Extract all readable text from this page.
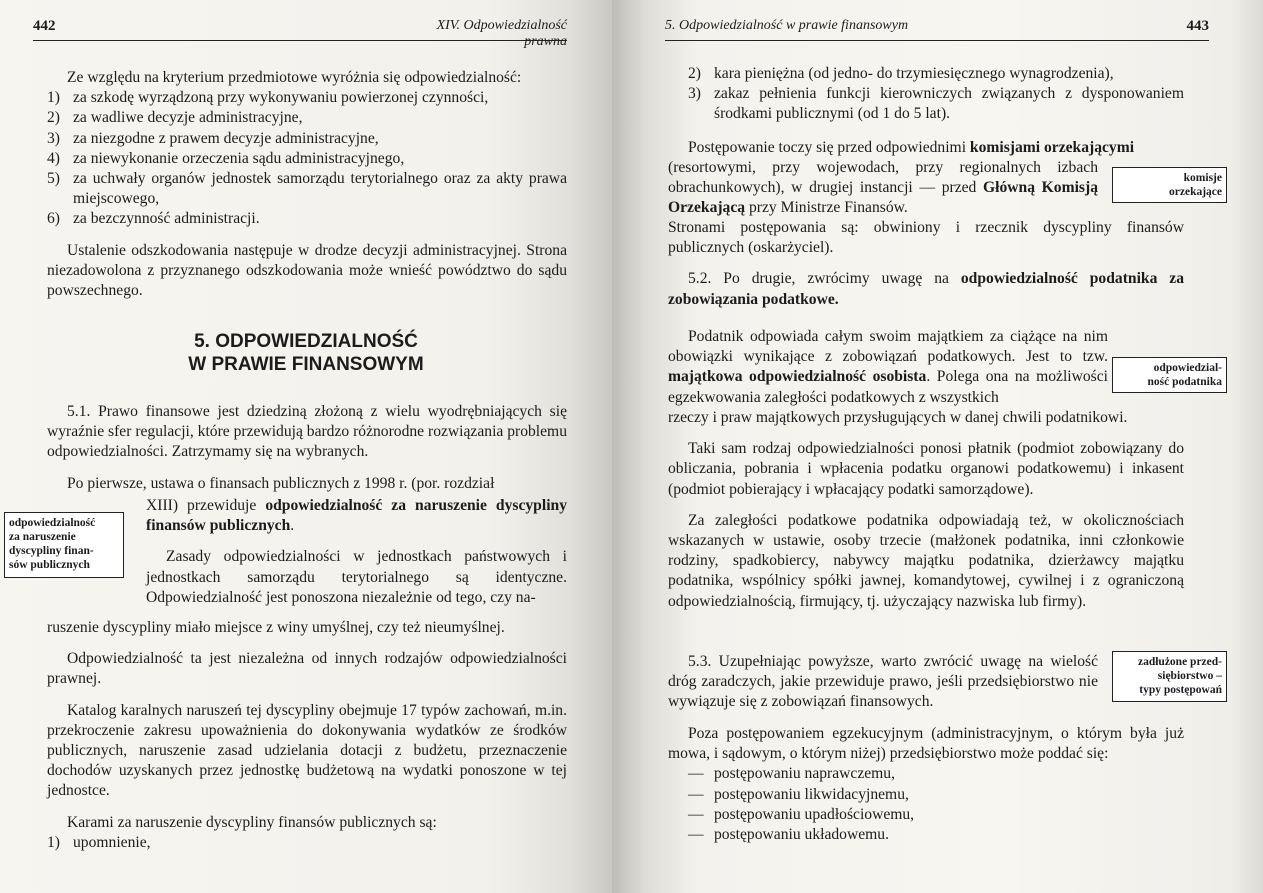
442	XIV. Odpowiedzialność prawna

Ze względu na kryterium przedmiotowe wyróżnia się odpowiedzialność:

1) za szkodę wyrządzoną przy wykonywaniu powierzonej czynności,
2) za wadliwe decyzje administracyjne,
3) za niezgodne z prawem decyzje administracyjne,
4) za niewykonanie orzeczenia sądu administracyjnego,
5) za uchwały organów jednostek samorządu terytorialnego oraz za akty prawa miejscowego,
6) za bezczynność administracji.

Ustalenie odszkodowania następuje w drodze decyzji administracyjnej. Strona niezadowolona z przyznanego odszkodowania może wnieść powództwo do sądu powszechnego.

5. ODPOWIEDZIALNOŚĆ
W PRAWIE FINANSOWYM

5.1. Prawo finansowe jest dziedziną złożoną z wielu wyodrębniających się wyraźnie sfer regulacji, które przewidują bardzo różnorodne rozwiązania problemu odpowiedzialności. Zatrzymamy się na wybranych.

Po pierwsze, ustawa o finansach publicznych z 1998 r. (por. rozdział

XIII) przewiduje odpowiedzialność za naruszenie dyscypliny finansów publicznych.

Zasady odpowiedzialności w jednostkach państwowych i jednostkach samorządu terytorialnego są identyczne. Odpowiedzialność jest ponoszona niezależnie od tego, czy na-

odpowiedzialność
za naruszenie
dyscypliny finan-
sów publicznych

ruszenie dyscypliny miało miejsce z winy umyślnej, czy też nieumyślnej.

Odpowiedzialność ta jest niezależna od innych rodzajów odpowiedzialności prawnej.

Katalog karalnych naruszeń tej dyscypliny obejmuje 17 typów zachowań, m.in. przekroczenie zakresu upoważnienia do dokonywania wydatków ze środków publicznych, naruszenie zasad udzielania dotacji z budżetu, przeznaczenie dochodów uzyskanych przez jednostkę budżetową na wydatki ponoszone w tej jednostce.

Karami za naruszenie dyscypliny finansów publicznych są:

1) upomnienie,
5. Odpowiedzialność w prawie finansowym	443
2) kara pieniężna (od jedno- do trzymiesięcznego wynagrodzenia),
3) zakaz pełnienia funkcji kierowniczych związanych z dysponowaniem środkami publicznymi (od 1 do 5 lat).

Postępowanie toczy się przed odpowiednimi komisjami orzekającymi

(resortowymi, przy wojewodach, przy regionalnych izbach obrachunkowych), w drugiej instancji — przed Główną Komisją Orzekającą przy Ministrze Finansów.

komisje
orzekające

Stronami postępowania są: obwiniony i rzecznik dyscypliny finansów publicznych (oskarżyciel).

5.2. Po drugie, zwrócimy uwagę na odpowiedzialność podatnika za zobowiązania podatkowe.

Podatnik odpowiada całym swoim majątkiem za ciążące na nim obowiązki wynikające z zobowiązań podatkowych. Jest to tzw. majątkowa odpowiedzialność osobista. Polega ona na możliwości egzekwowania zaległości podatkowych z wszystkich

odpowiedzial-
ność podatnika

rzeczy i praw majątkowych przysługujących w danej chwili podatnikowi.

Taki sam rodzaj odpowiedzialności ponosi płatnik (podmiot zobowiązany do obliczania, pobrania i wpłacenia podatku organowi podatkowemu) i inkasent (podmiot pobierający i wpłacający podatki samorządowe).

Za zaległości podatkowe podatnika odpowiadają też, w okolicznościach wskazanych w ustawie, osoby trzecie (małżonek podatnika, inni członkowie rodziny, spadkobiercy, nabywcy majątku podatnika, dzierżawcy majątku podatnika, wspólnicy spółki jawnej, komandytowej, cywilnej i z ograniczoną odpowiedzialnością, firmujący, tj. użyczający nazwiska lub firmy).

5.3. Uzupełniając powyższe, warto zwrócić uwagę na wielość dróg zaradczych, jakie przewiduje prawo, jeśli przedsiębiorstwo nie wywiązuje się z zobowiązań finansowych.

zadłużone przed-
siębiorstwo –
typy postępowań

Poza postępowaniem egzekucyjnym (administracyjnym, o którym była już mowa, i sądowym, o którym niżej) przedsiębiorstwo może poddać się:

— postępowaniu naprawczemu,
— postępowaniu likwidacyjnemu,
— postępowaniu upadłościowemu,
— postępowaniu układowemu.
